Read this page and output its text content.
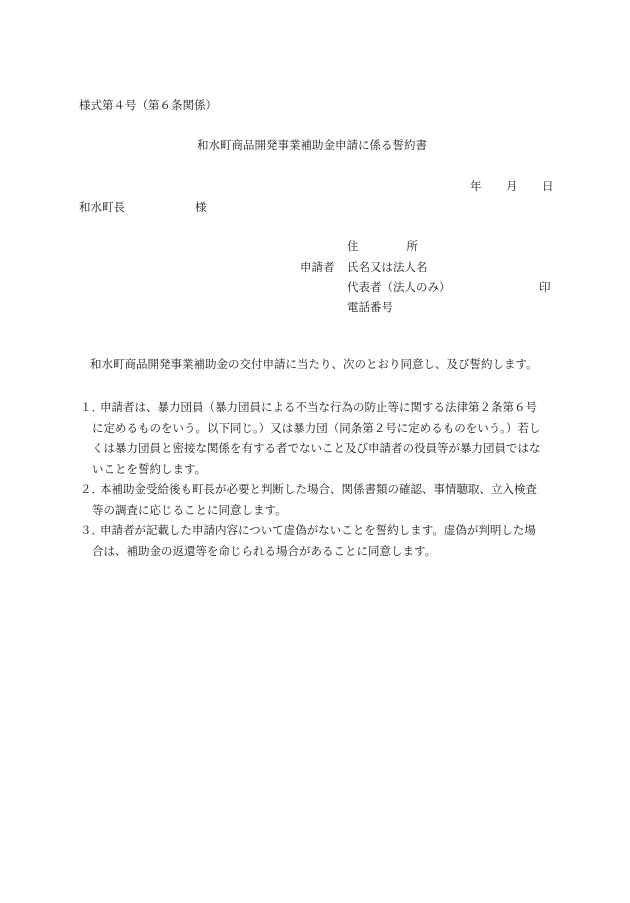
様式第４号（第６条関係）
和水町商品開発事業補助金申請に係る誓約書
年 月 日
和水町長	様
申請者
住	所
氏名又は法人名
代表者（法人のみ）	印
電話番号
和水町商品開発事業補助金の交付申請に当たり、次のとおり同意し、及び誓約します。
１．
申請者は、暴力団員（暴力団員による不当な行為の防止等に関する法律第２条第６号
に定めるものをいう。以下同じ。）又は暴力団（同条第２号に定めるものをいう。）若し
くは暴力団員と密接な関係を有する者でないこと及び申請者の役員等が暴力団員ではな
いことを誓約します。
２．
本補助金受給後も町長が必要と判断した場合、関係書類の確認、事情聴取、立入検査
等の調査に応じることに同意します。
３．
申請者が記載した申請内容について虚偽がないことを誓約します。虚偽が判明した場
合は、補助金の返還等を命じられる場合があることに同意します。
